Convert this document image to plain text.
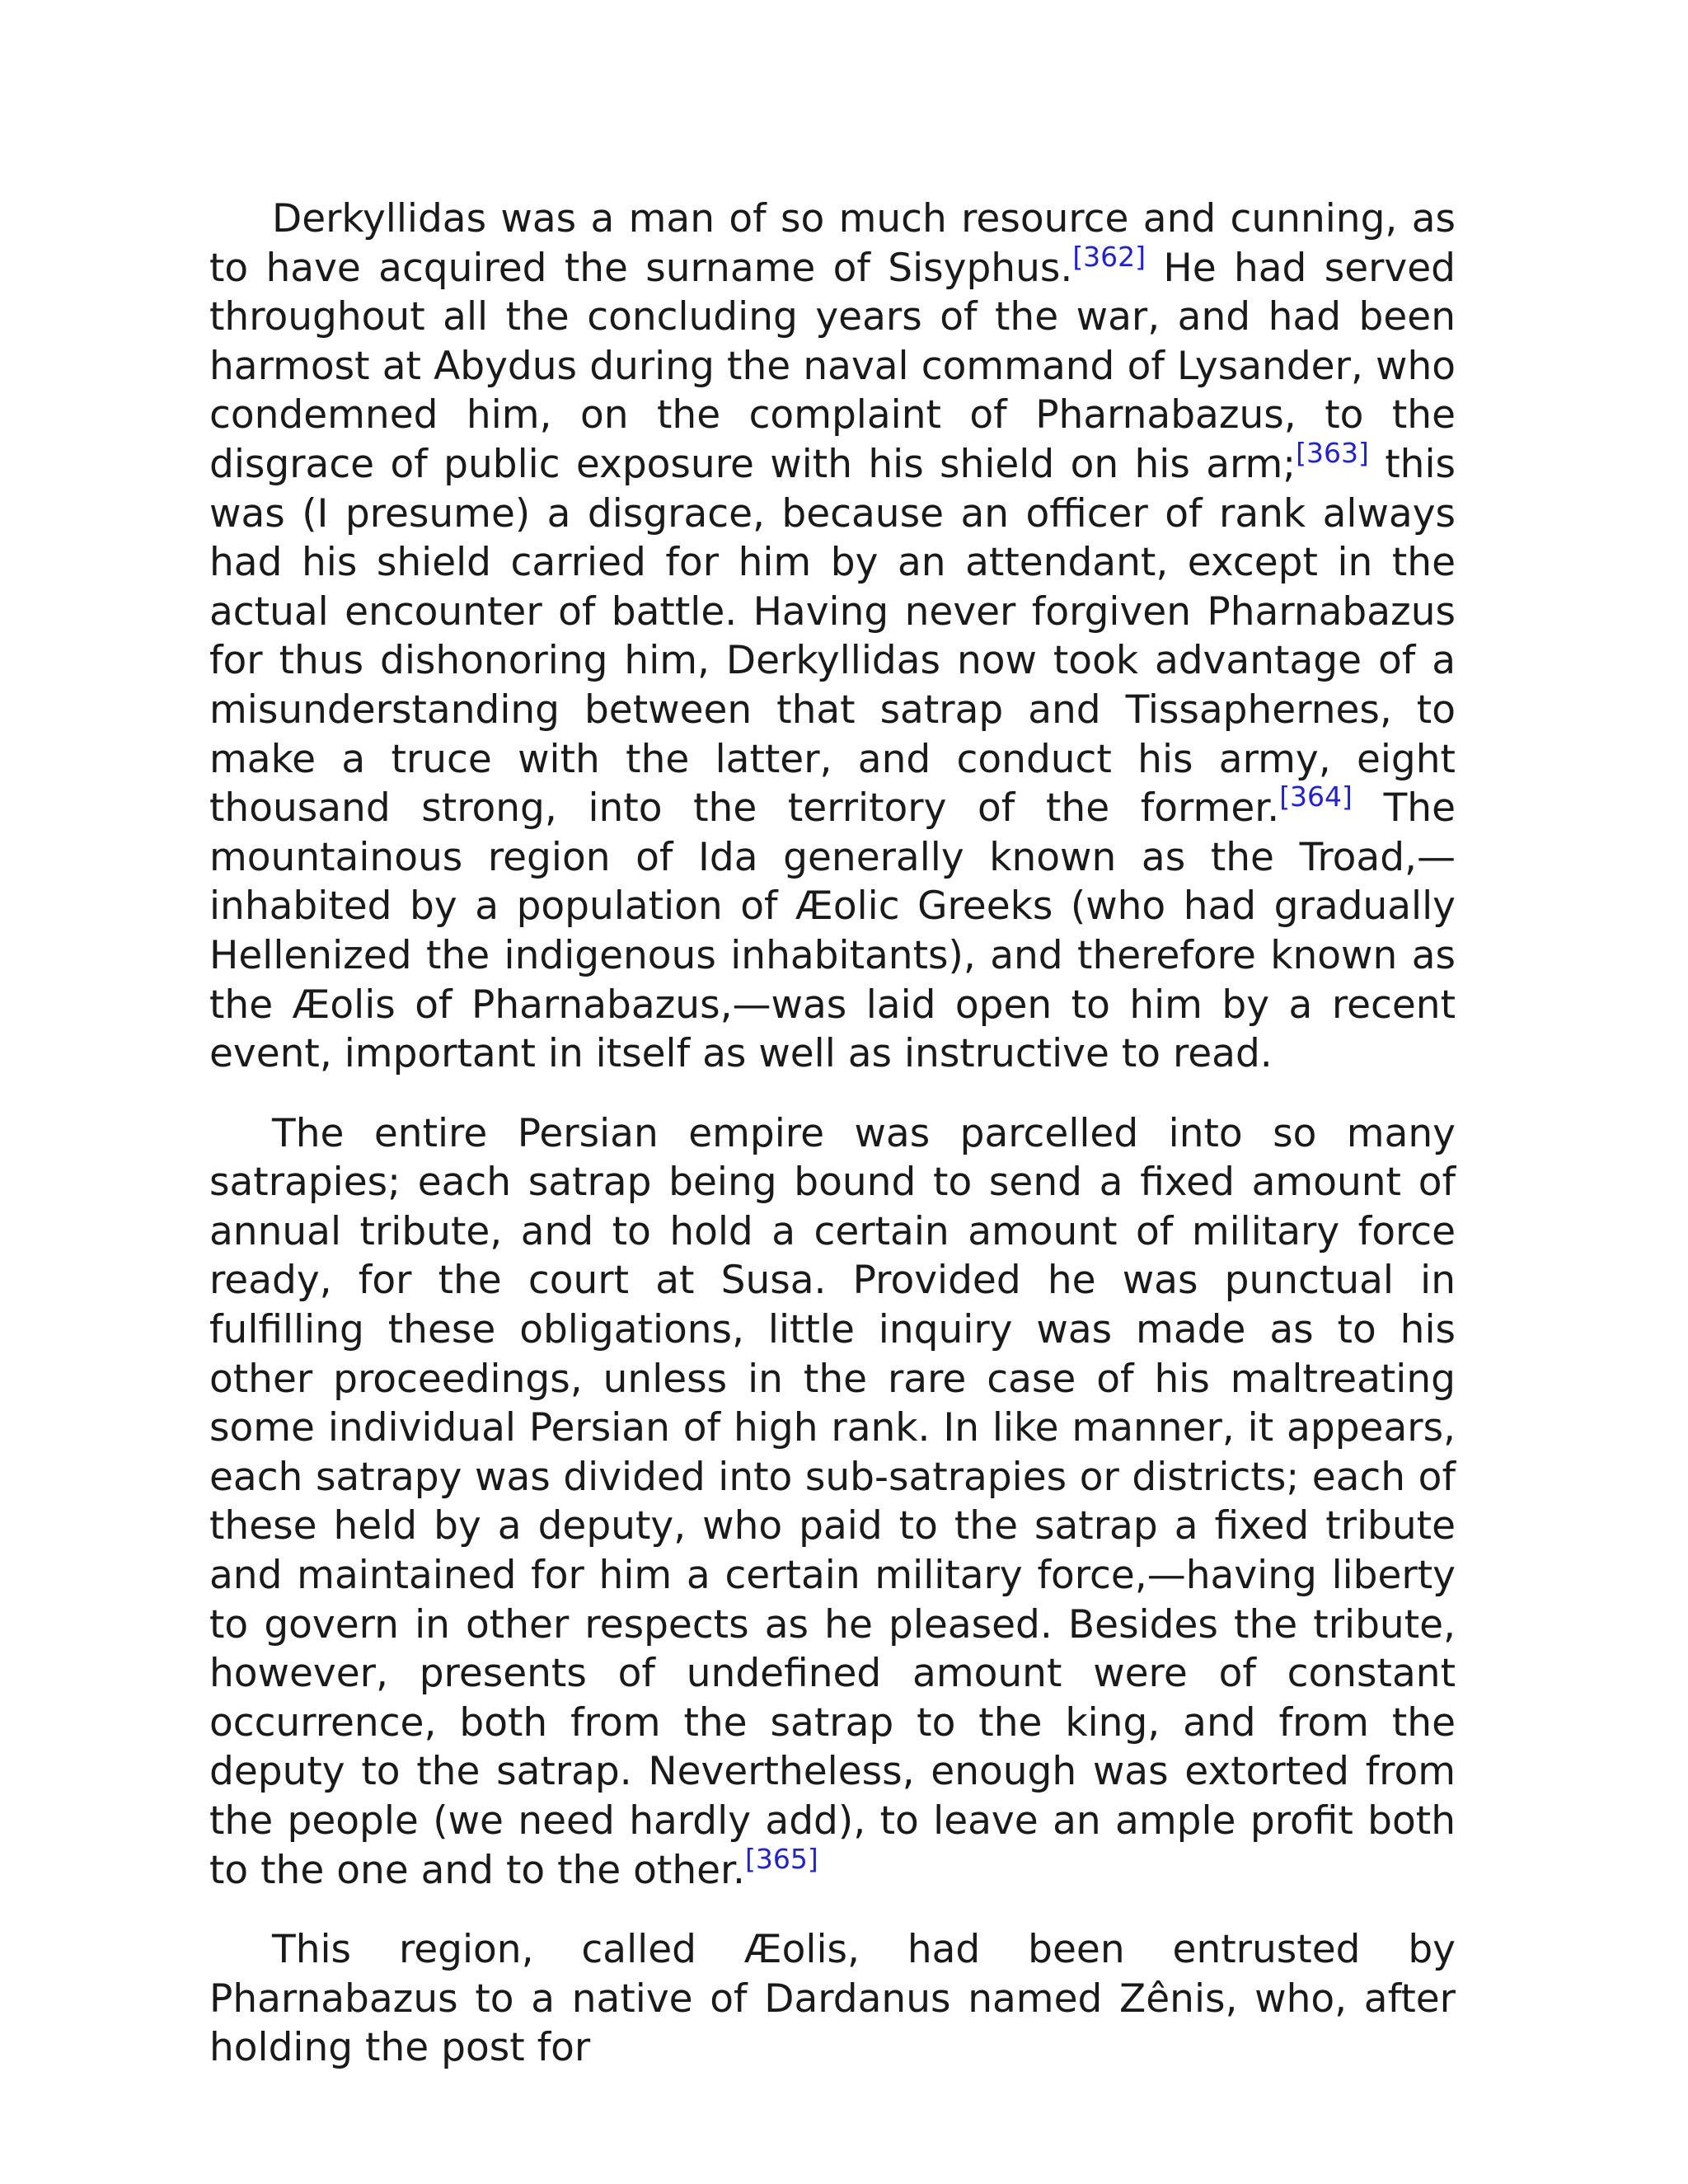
Derkyllidas was a man of so much resource and cunning, as to have acquired the surname of Sisyphus.[362] He had served throughout all the concluding years of the war, and had been harmost at Abydus during the naval command of Lysander, who condemned him, on the complaint of Pharnabazus, to the disgrace of public exposure with his shield on his arm;[363] this was (I presume) a disgrace, because an officer of rank always had his shield carried for him by an attendant, except in the actual encounter of battle. Having never forgiven Pharnabazus for thus dishonoring him, Derkyllidas now took advantage of a misunderstanding between that satrap and Tissaphernes, to make a truce with the latter, and conduct his army, eight thousand strong, into the territory of the former.[364] The mountainous region of Ida generally known as the Troad,—inhabited by a population of Æolic Greeks (who had gradually Hellenized the indigenous inhabitants), and therefore known as the Æolis of Pharnabazus,—was laid open to him by a recent event, important in itself as well as instructive to read.

The entire Persian empire was parcelled into so many satrapies; each satrap being bound to send a fixed amount of annual tribute, and to hold a certain amount of military force ready, for the court at Susa. Provided he was punctual in fulfilling these obligations, little inquiry was made as to his other proceedings, unless in the rare case of his maltreating some individual Persian of high rank. In like manner, it appears, each satrapy was divided into sub-satrapies or districts; each of these held by a deputy, who paid to the satrap a fixed tribute and maintained for him a certain military force,—having liberty to govern in other respects as he pleased. Besides the tribute, however, presents of undefined amount were of constant occurrence, both from the satrap to the king, and from the deputy to the satrap. Nevertheless, enough was extorted from the people (we need hardly add), to leave an ample profit both to the one and to the other.[365]

This region, called Æolis, had been entrusted by Pharnabazus to a native of Dardanus named Zênis, who, after holding the post for
